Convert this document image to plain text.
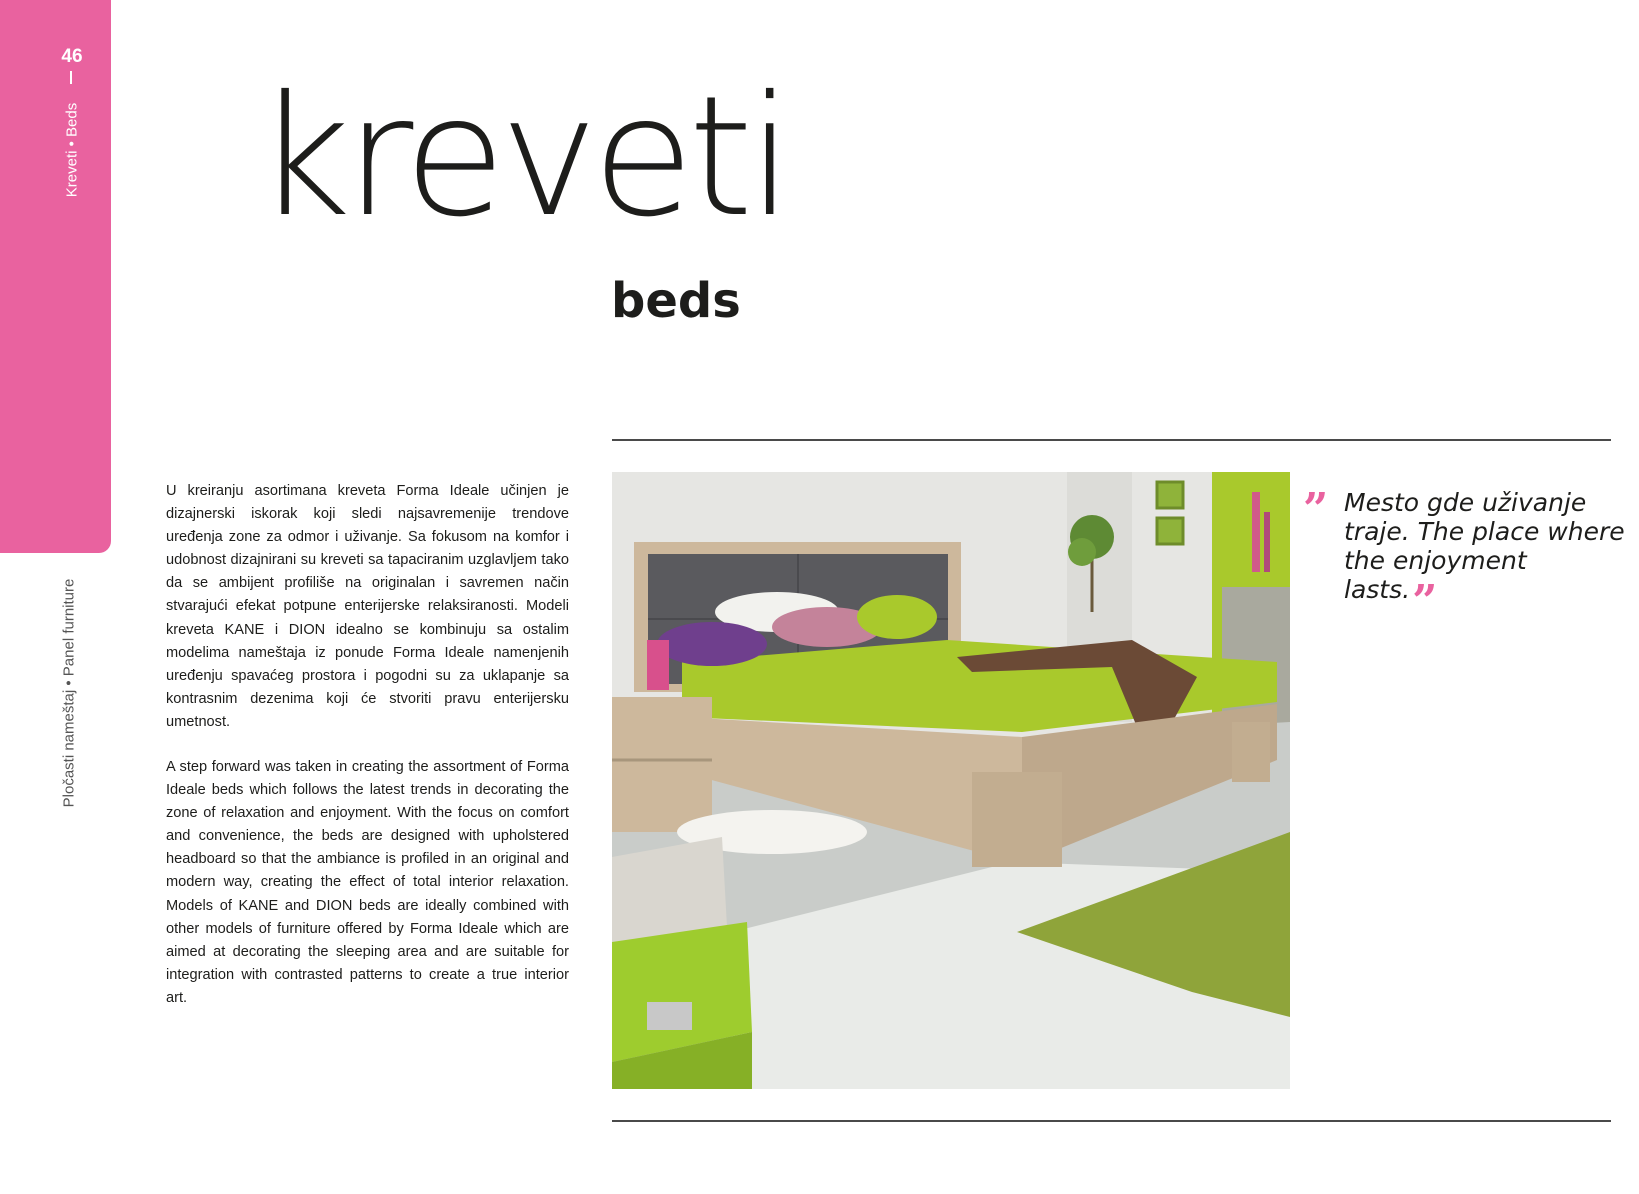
46
Kreveti • Beds
Pločasti nameštaj • Panel furniture
kreveti
beds

U kreiranju asortimana kreveta Forma Ideale učinjen je dizajnerski iskorak koji sledi najsavremenije trendove uređenja zone za odmor i uživanje. Sa fokusom na komfor i udobnost dizajnirani su kreveti sa tapaciranim uzglavljem tako da se ambijent profiliše na originalan i savremen način stvarajući efekat potpune enterijerske relaksiranosti. Modeli kreveta KANE i DION idealno se kombinuju sa ostalim modelima nameštaja iz ponude Forma Ideale namenjenih uređenju spavaćeg prostora i pogodni su za uklapanje sa kontrasnim dezenima koji će stvoriti pravu enterijersku umetnost.

A step forward was taken in creating the assortment of Forma Ideale beds which follows the latest trends in decorating the zone of relaxation and enjoyment. With the focus on comfort and convenience, the beds are designed with upholstered headboard so that the ambiance is profiled in an original and modern way, creating the effect of total interior relaxation. Models of KANE and DION beds are ideally combined with other models of furniture offered by Forma Ideale which are aimed at decorating the sleeping area and are suitable for integration with contrasted patterns to create a true interior art.

” Mesto gde uživanje traje. The place where the enjoyment lasts.”
